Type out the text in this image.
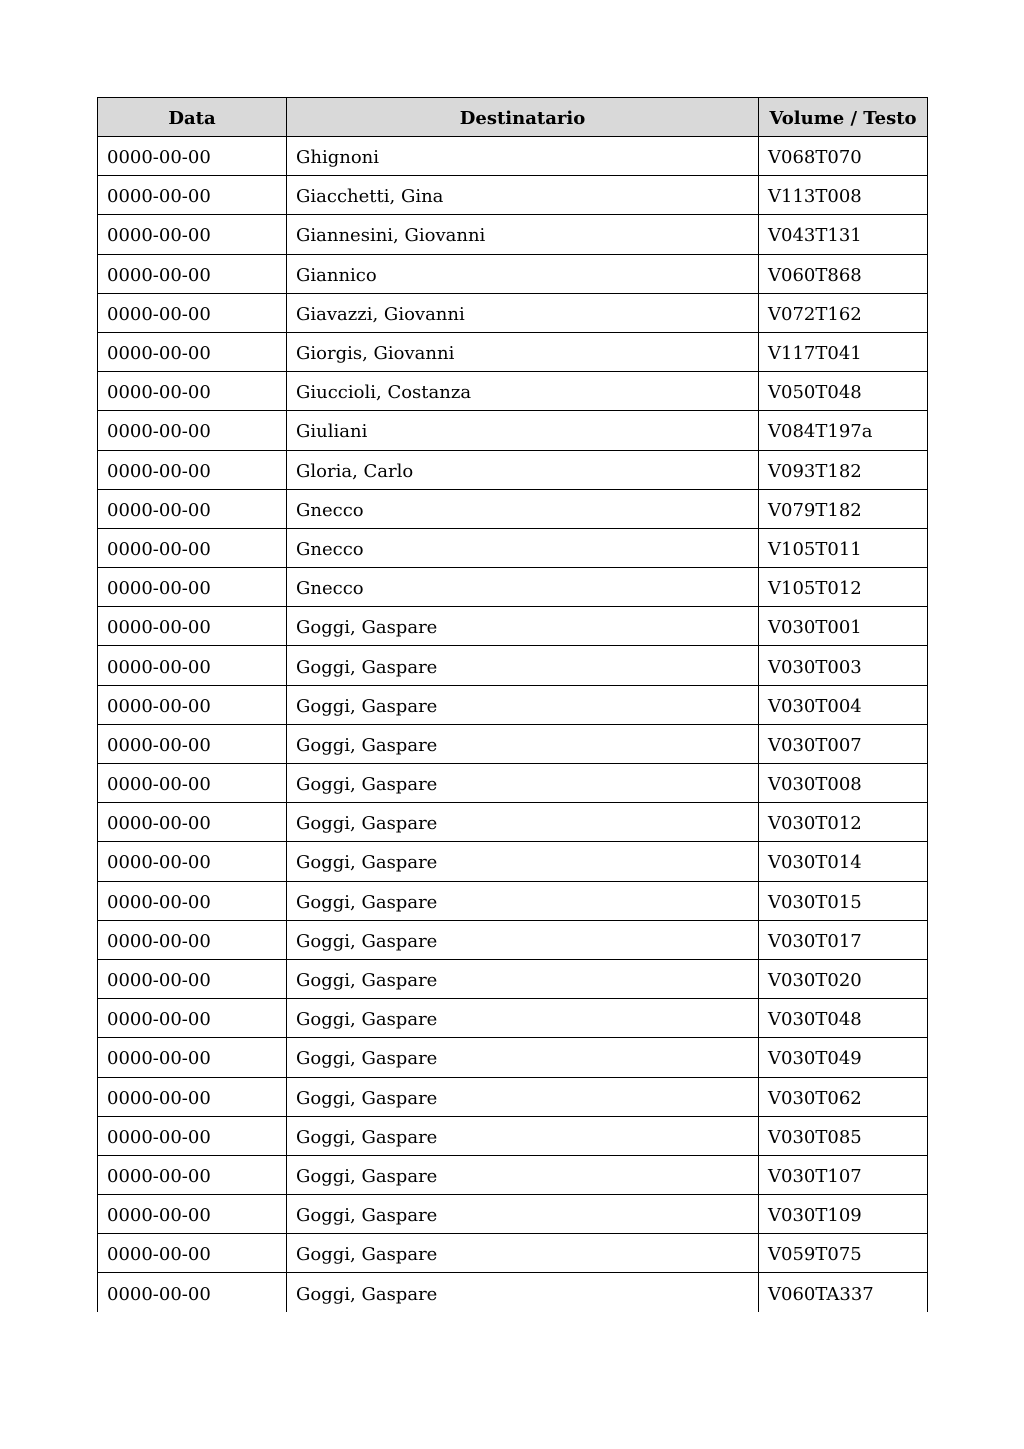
Data	Destinatario	Volume / Testo
0000-00-00	Ghignoni	V068T070
0000-00-00	Giacchetti, Gina	V113T008
0000-00-00	Giannesini, Giovanni	V043T131
0000-00-00	Giannico	V060T868
0000-00-00	Giavazzi, Giovanni	V072T162
0000-00-00	Giorgis, Giovanni	V117T041
0000-00-00	Giuccioli, Costanza	V050T048
0000-00-00	Giuliani	V084T197a
0000-00-00	Gloria, Carlo	V093T182
0000-00-00	Gnecco	V079T182
0000-00-00	Gnecco	V105T011
0000-00-00	Gnecco	V105T012
0000-00-00	Goggi, Gaspare	V030T001
0000-00-00	Goggi, Gaspare	V030T003
0000-00-00	Goggi, Gaspare	V030T004
0000-00-00	Goggi, Gaspare	V030T007
0000-00-00	Goggi, Gaspare	V030T008
0000-00-00	Goggi, Gaspare	V030T012
0000-00-00	Goggi, Gaspare	V030T014
0000-00-00	Goggi, Gaspare	V030T015
0000-00-00	Goggi, Gaspare	V030T017
0000-00-00	Goggi, Gaspare	V030T020
0000-00-00	Goggi, Gaspare	V030T048
0000-00-00	Goggi, Gaspare	V030T049
0000-00-00	Goggi, Gaspare	V030T062
0000-00-00	Goggi, Gaspare	V030T085
0000-00-00	Goggi, Gaspare	V030T107
0000-00-00	Goggi, Gaspare	V030T109
0000-00-00	Goggi, Gaspare	V059T075
0000-00-00	Goggi, Gaspare	V060TA337
